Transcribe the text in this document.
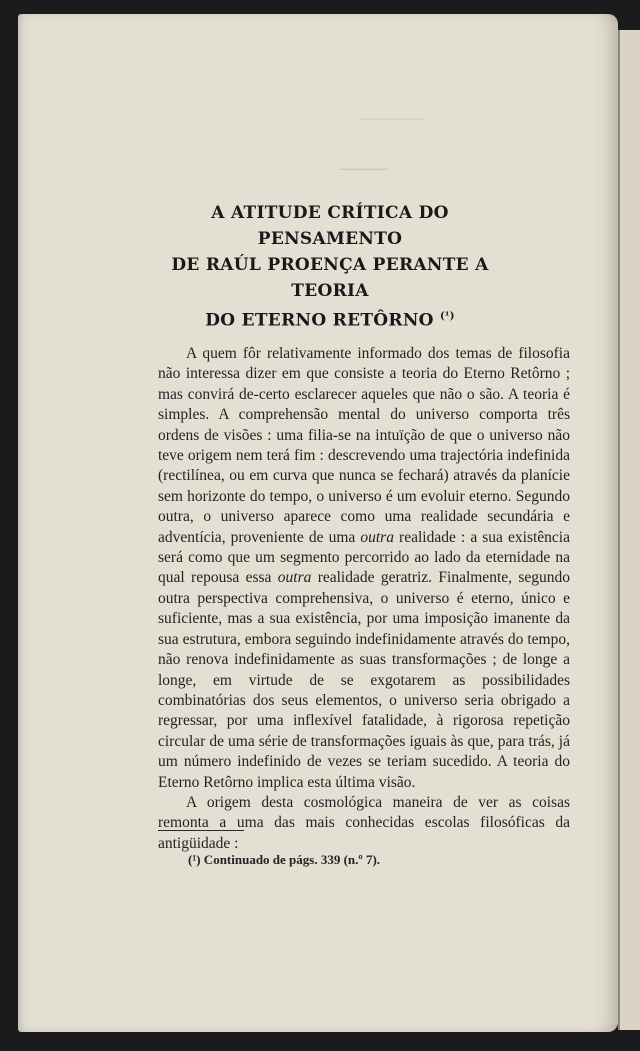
─────────
─────
A ATITUDE CRÍTICA DO PENSAMENTO
DE RAÚL PROENÇA PERANTE A TEORIA
DO ETERNO RETÔRNO $^{(^1)}$

A quem fôr relativamente informado dos temas de filosofia não interessa dizer em que consiste a teoria do Eterno Retôrno ; mas convirá de-certo esclarecer aqueles que não o são. A teoria é simples. A comprehensão mental do universo comporta três ordens de visões : uma filia-se na intuïção de que o universo não teve origem nem terá fim : descrevendo uma trajectória indefinida (rectilínea, ou em curva que nunca se fechará) através da planície sem horizonte do tempo, o universo é um evoluir eterno. Segundo outra, o universo aparece como uma realidade secundária e adventícia, proveniente de uma outra realidade : a sua existência será como que um segmento percorrido ao lado da eternidade na qual repousa essa outra realidade geratriz. Finalmente, segundo outra perspectiva comprehensiva, o universo é eterno, único e suficiente, mas a sua existência, por uma imposição imanente da sua estrutura, embora seguindo indefinidamente através do tempo, não renova indefinidamente as suas transformações ; de longe a longe, em virtude de se exgotarem as possibilidades combinatórias dos seus elementos, o universo seria obrigado a regressar, por uma inflexível fatalidade, à rigorosa repetição circular de uma série de transformações iguais às que, para trás, já um número indefinido de vezes se teriam sucedido. A teoria do Eterno Retôrno implica esta última visão.

A origem desta cosmológica maneira de ver as coisas remonta a uma das mais conhecidas escolas filosóficas da antigüidade :

(¹) Continuado de págs. 339 (n.º 7).
